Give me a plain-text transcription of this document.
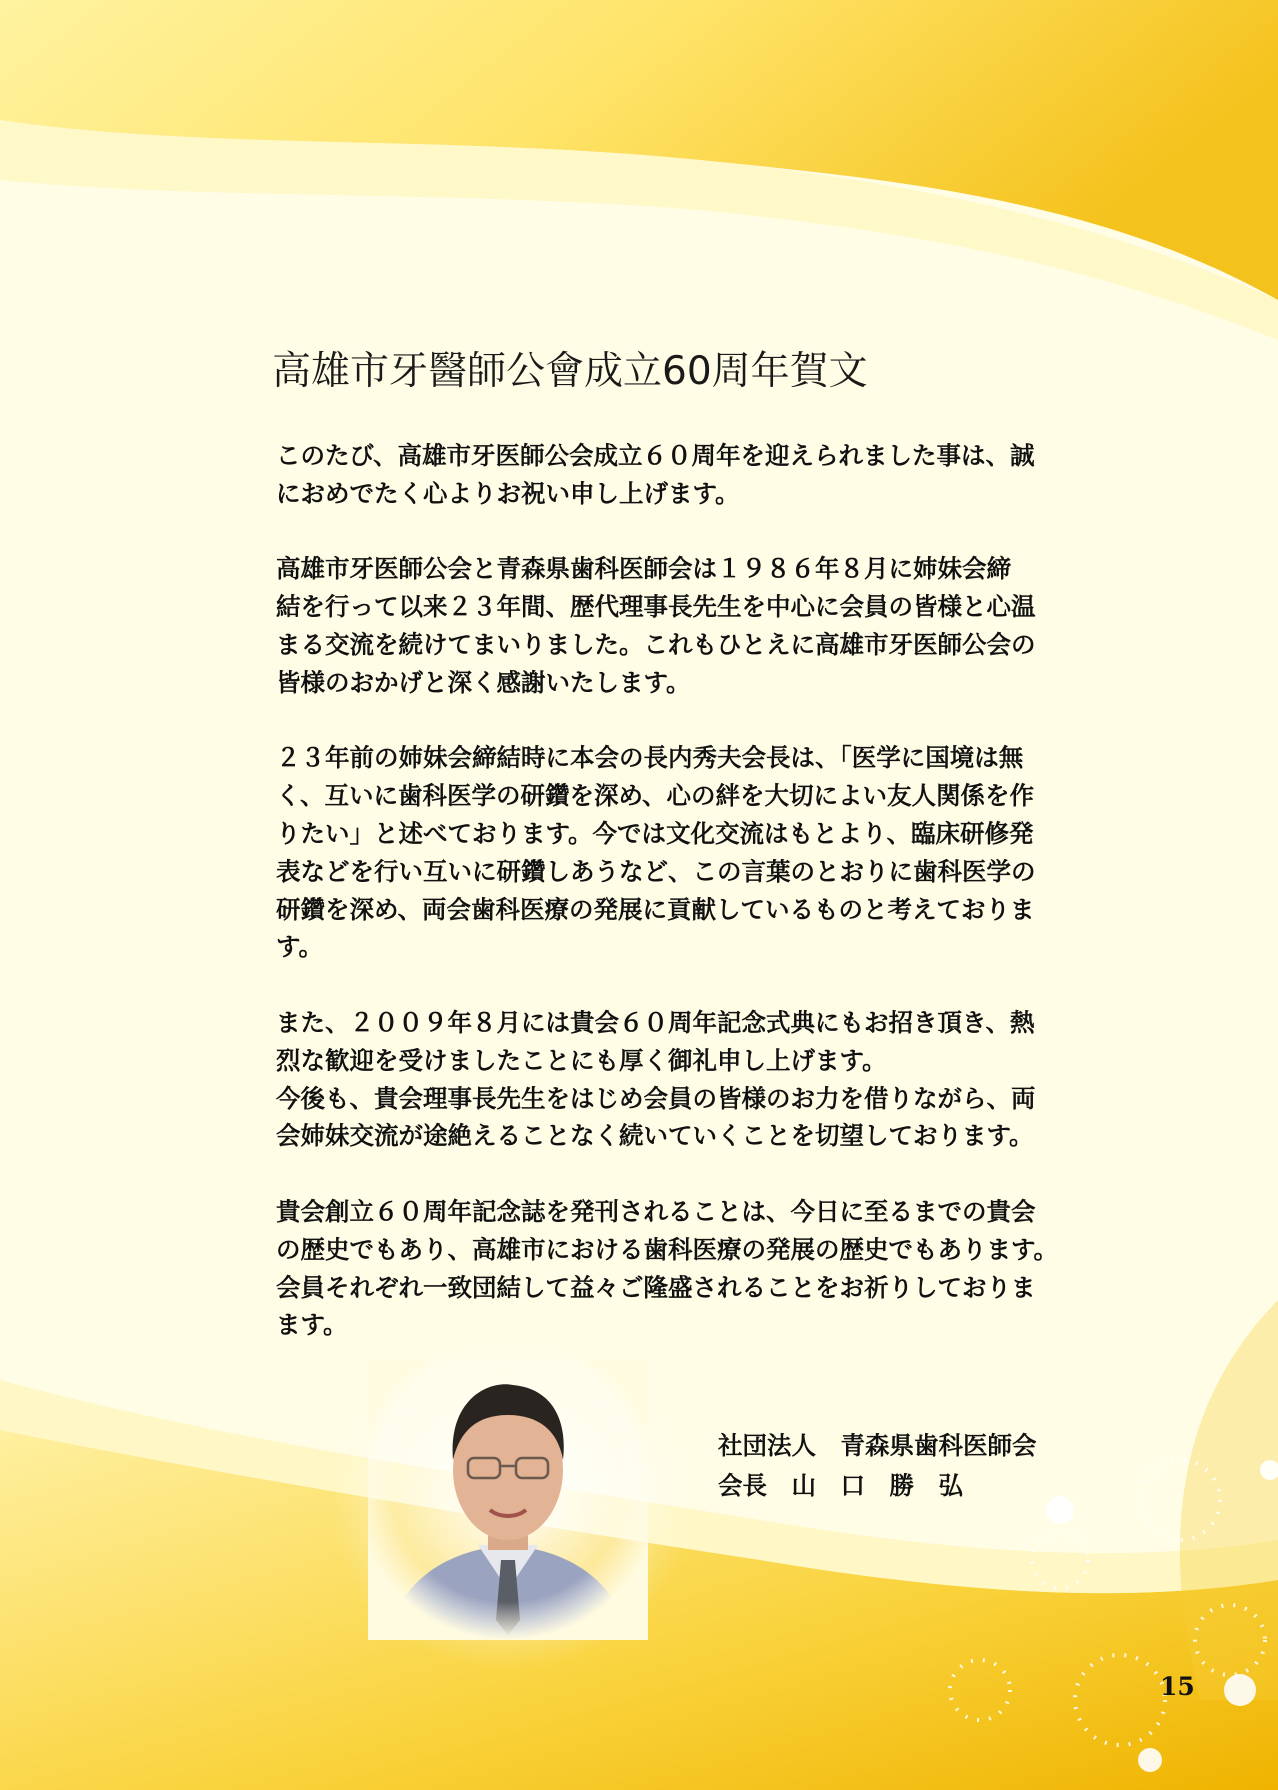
高雄市牙醫師公會成立60周年賀文

このたび、高雄市牙医師公会成立６０周年を迎えられました事は、誠
におめでたく心よりお祝い申し上げます。

高雄市牙医師公会と青森県歯科医師会は１９８６年８月に姉妹会締
結を行って以来２３年間、歴代理事長先生を中心に会員の皆様と心温
まる交流を続けてまいりました。これもひとえに高雄市牙医師公会の
皆様のおかげと深く感謝いたします。

２３年前の姉妹会締結時に本会の長内秀夫会長は、「医学に国境は無
く、互いに歯科医学の研鑽を深め、心の絆を大切によい友人関係を作
りたい」と述べております。今では文化交流はもとより、臨床研修発
表などを行い互いに研鑽しあうなど、この言葉のとおりに歯科医学の
研鑽を深め、両会歯科医療の発展に貢献しているものと考えておりま
す。

また、２００９年８月には貴会６０周年記念式典にもお招き頂き、熱
烈な歓迎を受けましたことにも厚く御礼申し上げます。
今後も、貴会理事長先生をはじめ会員の皆様のお力を借りながら、両
会姉妹交流が途絶えることなく続いていくことを切望しております。

貴会創立６０周年記念誌を発刊されることは、今日に至るまでの貴会
の歴史でもあり、高雄市における歯科医療の発展の歴史でもあります。
会員それぞれ一致団結して益々ご隆盛されることをお祈りしておりま
ます。

社団法人　青森県歯科医師会
会長　山　口　勝　弘
15
